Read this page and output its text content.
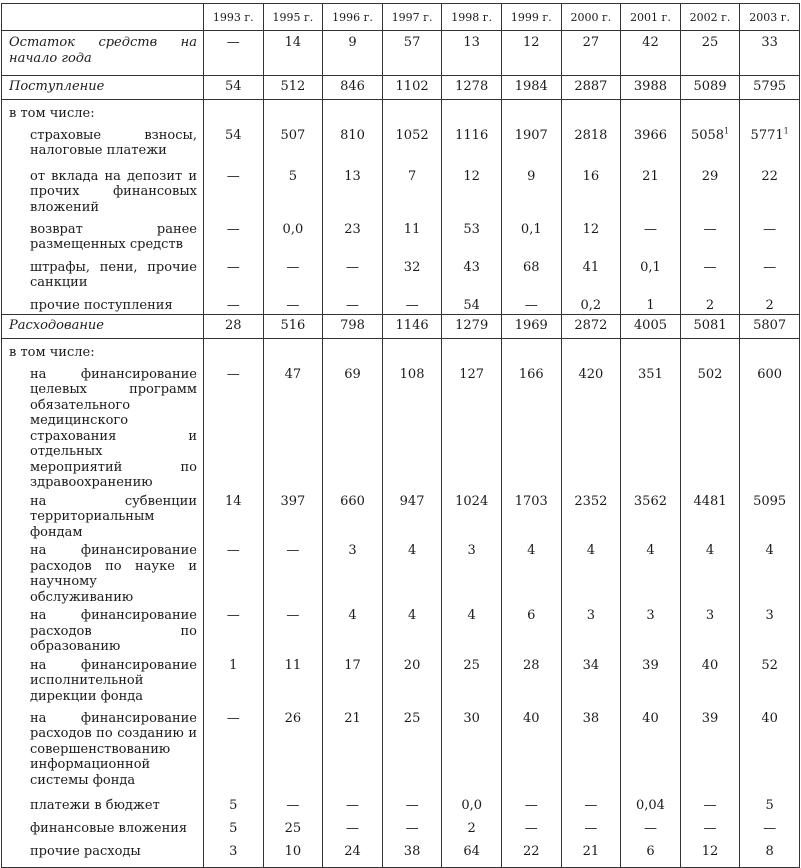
	1993 г.	1995 г.	1996 г.	1997 г.	1998 г.	1999 г.	2000 г.	2001 г.	2002 г.	2003 г.
Остаток средств на начало года	—	14	9	57	13	12	27	42	25	33
Поступление	54	512	846	1102	1278	1984	2887	3988	5089	5795
в том числе:										
страховые взносы, налоговые платежи	54	507	810	1052	1116	1907	2818	3966	5058$^1$	5771$^1$
от вклада на депозит и прочих финансовых вложений	—	5	13	7	12	9	16	21	29	22
возврат ранее размещенных средств	—	0,0	23	11	53	0,1	12	—	—	—
штрафы, пени, прочие санкции	—	—	—	32	43	68	41	0,1	—	—
прочие поступления	—	—	—	—	54	—	0,2	1	2	2
Расходование	28	516	798	1146	1279	1969	2872	4005	5081	5807
в том числе:										
на финансирование целевых программ обязательного медицинского страхования и отдельных мероприятий по здравоохранению	—	47	69	108	127	166	420	351	502	600
на субвенции территориальным фондам	14	397	660	947	1024	1703	2352	3562	4481	5095
на финансирование расходов по науке и научному обслуживанию	—	—	3	4	3	4	4	4	4	4
на финансирование расходов по образованию	—	—	4	4	4	6	3	3	3	3
на финансирование исполнительной дирекции фонда	1	11	17	20	25	28	34	39	40	52
на финансирование расходов по созданию и совершенствованию информационной системы фонда	—	26	21	25	30	40	38	40	39	40
платежи в бюджет	5	—	—	—	0,0	—	—	0,04	—	5
финансовые вложения	5	25	—	—	2	—	—	—	—	—
прочие расходы	3	10	24	38	64	22	21	6	12	8
